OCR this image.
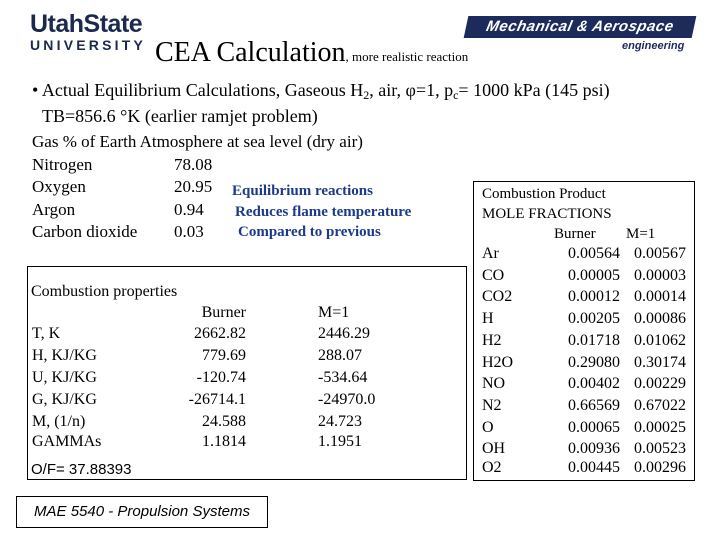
UtahState
UNIVERSITY
Mechanical & Aerospace
engineering
CEA Calculation, more realistic reaction
• Actual Equilibrium Calculations, Gaseous $H_2$, air, φ=1, $p_c= 1000$ kPa (145 psi)
TB=856.6 °K (earlier ramjet problem)
Gas % of Earth Atmosphere at sea level (dry air)
Nitrogen	78.08
Oxygen	20.95
Argon	0.94
Carbon dioxide 0.03
Equilibrium reactions
Reduces flame temperature
Compared to previous
Combustion properties
Burner	M=1
T, K	2662.82	2446.29
H, KJ/KG	779.69	288.07
U, KJ/KG	-120.74	-534.64
G, KJ/KG	-26714.1	-24970.0
M, (1/n)	24.588	24.723
GAMMAs	1.1814	1.1951
O/F= 37.88393
Combustion Product
MOLE FRACTIONS
Burner M=1
Ar	0.00564 0.00567
CO	0.00005 0.00003
CO2	0.00012 0.00014
H	0.00205 0.00086
H2	0.01718 0.01062
H2O	0.29080 0.30174
NO	0.00402 0.00229
N2	0.66569 0.67022
O	0.00065 0.00025
OH	0.00936 0.00523
O2	0.00445 0.00296
MAE 5540 - Propulsion Systems
